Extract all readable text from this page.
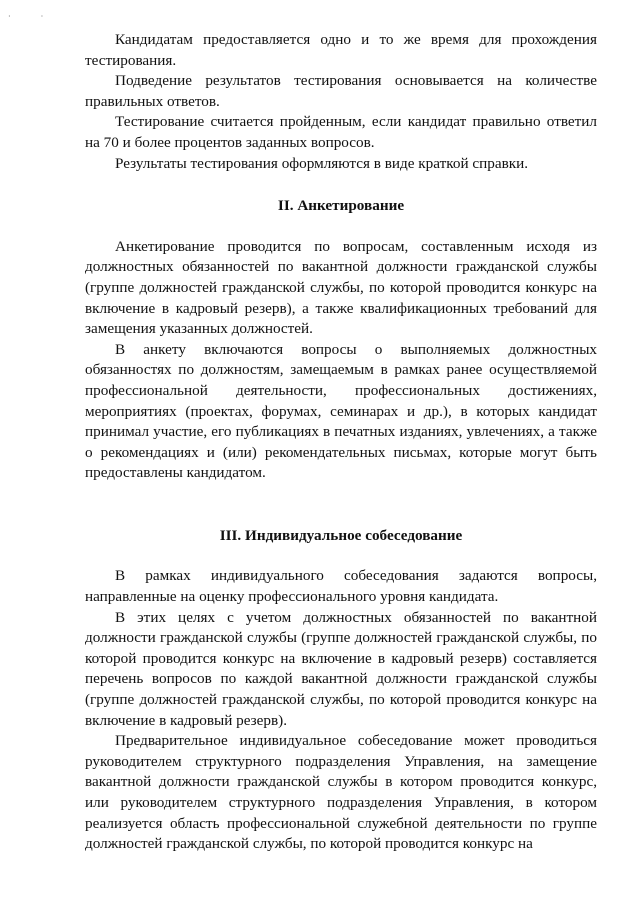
· ·

Кандидатам предоставляется одно и то же время для прохождения тестирования.

Подведение результатов тестирования основывается на количестве правильных ответов.

Тестирование считается пройденным, если кандидат правильно ответил на 70 и более процентов заданных вопросов.

Результаты тестирования оформляются в виде краткой справки.

II. Анкетирование

Анкетирование проводится по вопросам, составленным исходя из должностных обязанностей по вакантной должности гражданской службы (группе должностей гражданской службы, по которой проводится конкурс на включение в кадровый резерв), а также квалификационных требований для замещения указанных должностей.

В анкету включаются вопросы о выполняемых должностных обязанностях по должностям, замещаемым в рамках ранее осуществляемой профессиональной деятельности, профессиональных достижениях, мероприятиях (проектах, форумах, семинарах и др.), в которых кандидат принимал участие, его публикациях в печатных изданиях, увлечениях, а также о рекомендациях и (или) рекомендательных письмах, которые могут быть предоставлены кандидатом.

III. Индивидуальное собеседование

В рамках индивидуального собеседования задаются вопросы, направленные на оценку профессионального уровня кандидата.

В этих целях с учетом должностных обязанностей по вакантной должности гражданской службы (группе должностей гражданской службы, по которой проводится конкурс на включение в кадровый резерв) составляется перечень вопросов по каждой вакантной должности гражданской службы (группе должностей гражданской службы, по которой проводится конкурс на включение в кадровый резерв).

Предварительное индивидуальное собеседование может проводиться руководителем структурного подразделения Управления, на замещение вакантной должности гражданской службы в котором проводится конкурс, или руководителем структурного подразделения Управления, в котором реализуется область профессиональной служебной деятельности по группе должностей гражданской службы, по которой проводится конкурс на
